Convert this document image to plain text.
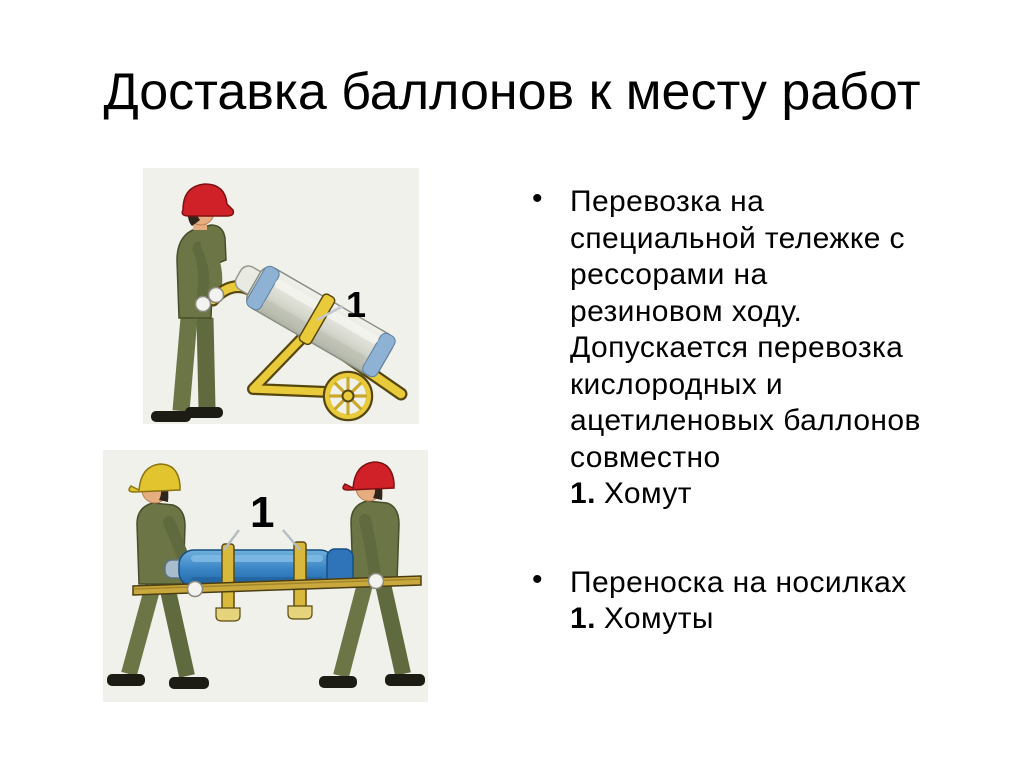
Доставка баллонов к месту работ
1
1
• Перевозка на
специальной тележке с
рессорами на
резиновом ходу.
Допускается перевозка
кислородных и
ацетиленовых баллонов
совместно
1. Хомут
• Переноска на носилках
1. Хомуты
